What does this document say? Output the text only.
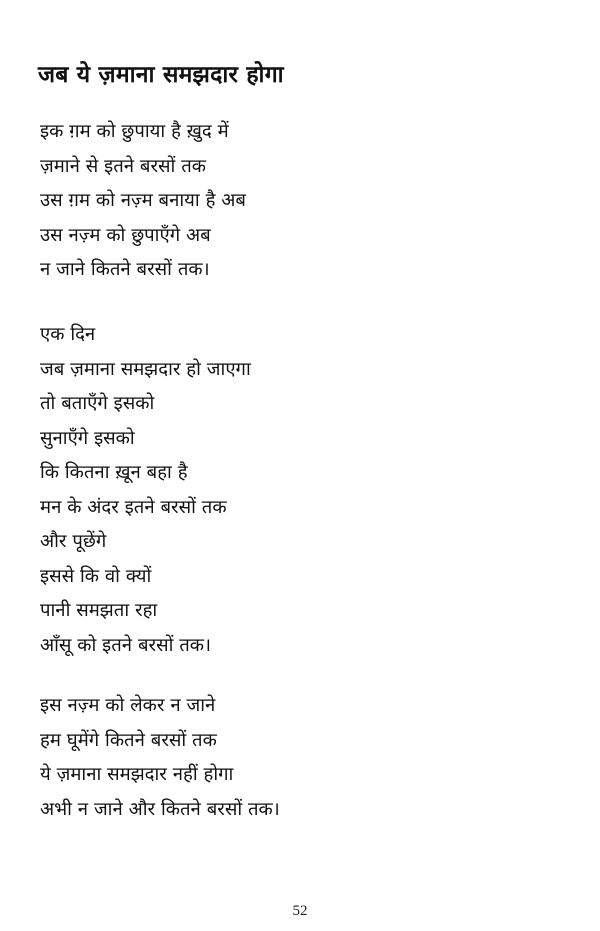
जब ये ज़माना समझदार होगा
इक ग़म को छुपाया है ख़ुद में
ज़माने से इतने बरसों तक
उस ग़म को नज़्म बनाया है अब
उस नज़्म को छुपाएँगे अब
न जाने कितने बरसों तक।
एक दिन
जब ज़माना समझदार हो जाएगा
तो बताएँगे इसको
सुनाएँगे इसको
कि कितना ख़ून बहा है
मन के अंदर इतने बरसों तक
और पूछेंगे
इससे कि वो क्यों
पानी समझता रहा
आँसू को इतने बरसों तक।
इस नज़्म को लेकर न जाने
हम घूमेंगे कितने बरसों तक
ये ज़माना समझदार नहीं होगा
अभी न जाने और कितने बरसों तक।
52
